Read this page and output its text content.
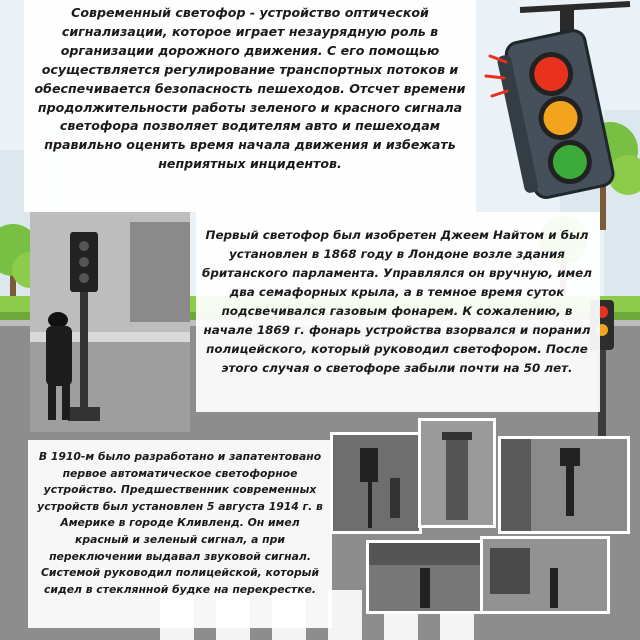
Современный светофор - устройство оптической сигнализации, которое играет незаурядную роль в организации дорожного движения. С его помощью осуществляется регулирование транспортных потоков и обеспечивается безопасность пешеходов. Отсчет времени продолжительности работы зеленого и красного сигнала светофора позволяет водителям авто и пешеходам правильно оценить время начала движения и избежать неприятных инцидентов.

Первый светофор был изобретен Джеем Найтом и был установлен в 1868 году в Лондоне возле здания британского парламента. Управлялся он вручную, имел два семафорных крыла, а в темное время суток подсвечивался газовым фонарем. К сожалению, в начале 1869 г. фонарь устройства взорвался и поранил полицейского, который руководил светофором. После этого случая о светофоре забыли почти на 50 лет.

В 1910-м было разработано и запатентовано первое автоматическое светофорное устройство. Предшественник современных устройств был установлен 5 августа 1914 г. в Америке в городе Кливленд. Он имел красный и зеленый сигнал, а при переключении выдавал звуковой сигнал. Системой руководил полицейской, который сидел в стеклянной будке на перекрестке.
